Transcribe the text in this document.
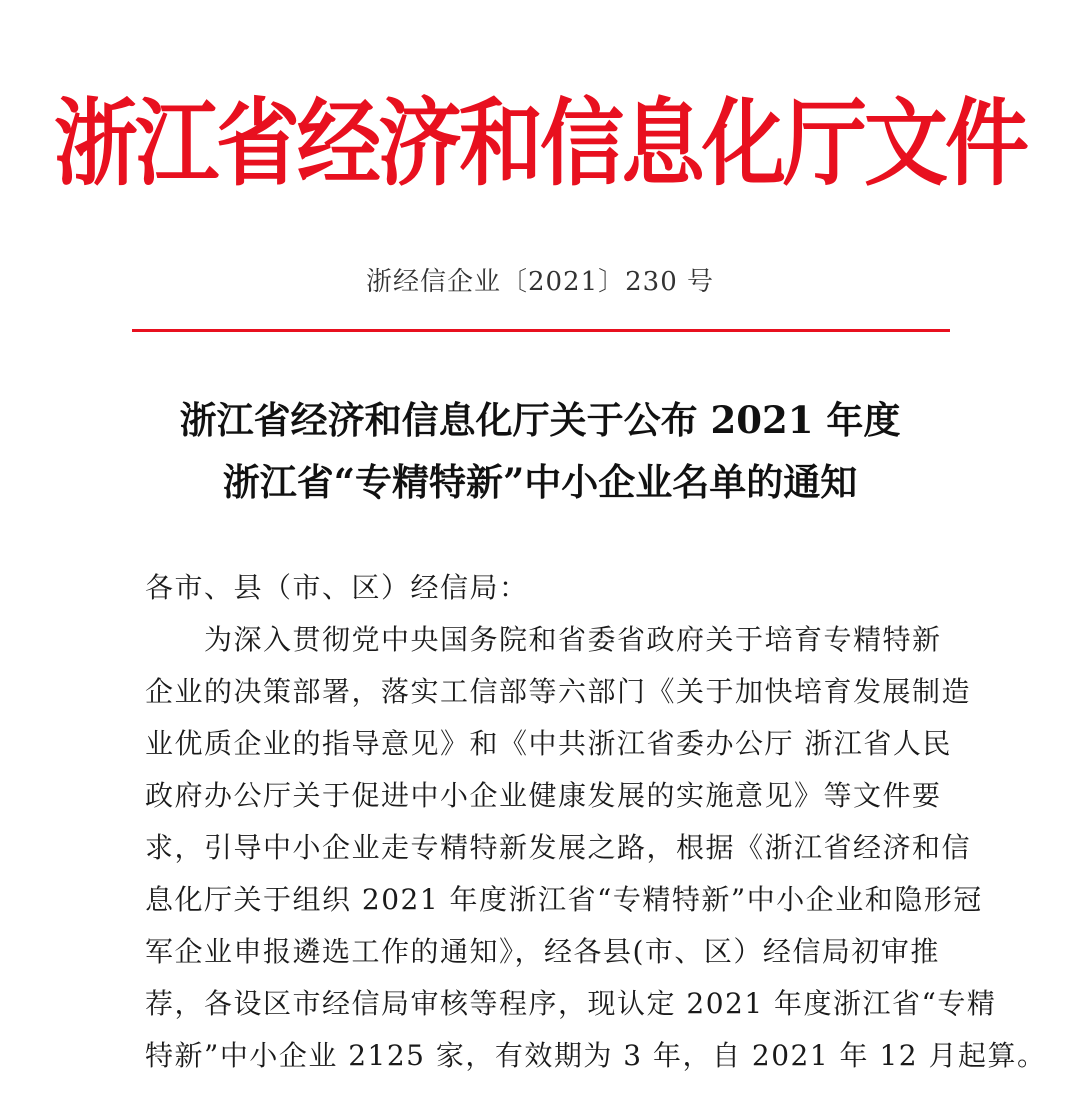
浙江省经济和信息化厅文件
浙经信企业〔2021〕230 号
浙江省经济和信息化厅关于公布 2021 年度
浙江省“专精特新”中小企业名单的通知
各市、县（市、区）经信局：
　　为深入贯彻党中央国务院和省委省政府关于培育专精特新
企业的决策部署，落实工信部等六部门《关于加快培育发展制造
业优质企业的指导意见》和《中共浙江省委办公厅 浙江省人民
政府办公厅关于促进中小企业健康发展的实施意见》等文件要
求，引导中小企业走专精特新发展之路，根据《浙江省经济和信
息化厅关于组织 2021 年度浙江省“专精特新”中小企业和隐形冠
军企业申报遴选工作的通知》，经各县(市、区）经信局初审推
荐，各设区市经信局审核等程序，现认定 2021 年度浙江省“专精
特新”中小企业 2125 家，有效期为 3 年，自 2021 年 12 月起算。
